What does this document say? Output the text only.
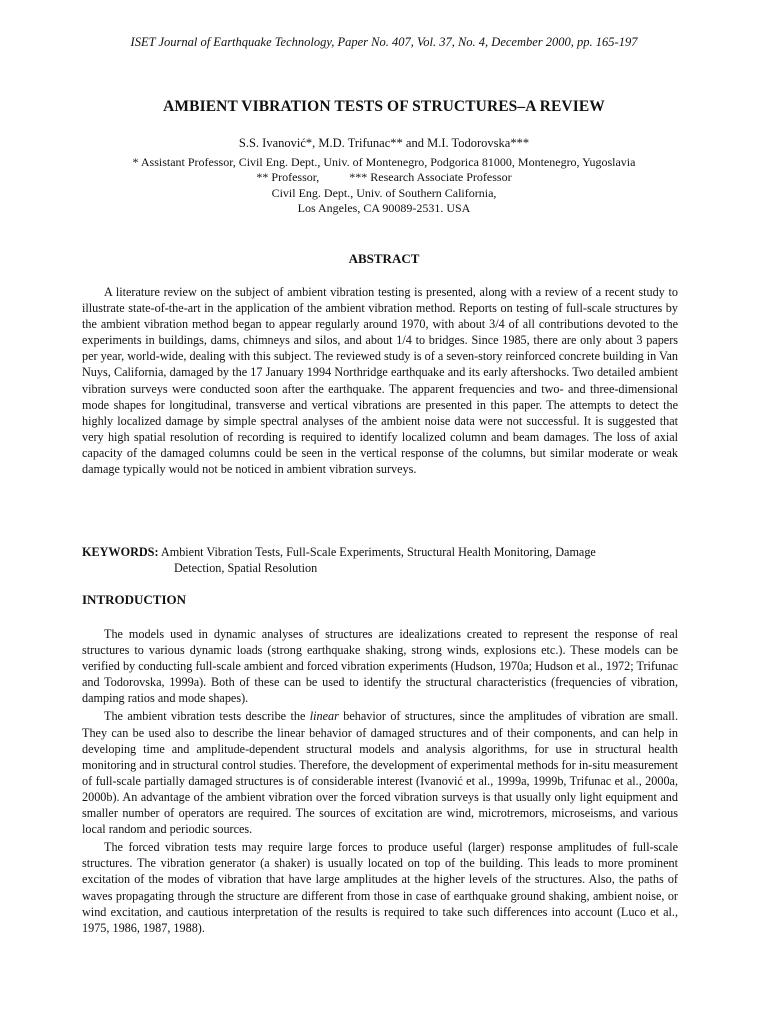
ISET Journal of Earthquake Technology, Paper No. 407, Vol. 37, No. 4, December 2000, pp. 165-197
AMBIENT VIBRATION TESTS OF STRUCTURES–A REVIEW
S.S. Ivanović*, M.D. Trifunac** and M.I. Todorovska***
* Assistant Professor, Civil Eng. Dept., Univ. of Montenegro, Podgorica 81000, Montenegro, Yugoslavia
** Professor,          *** Research Associate Professor
Civil Eng. Dept., Univ. of Southern California,
Los Angeles, CA 90089-2531. USA
ABSTRACT
A literature review on the subject of ambient vibration testing is presented, along with a review of a recent study to illustrate state-of-the-art in the application of the ambient vibration method. Reports on testing of full-scale structures by the ambient vibration method began to appear regularly around 1970, with about 3/4 of all contributions devoted to the experiments in buildings, dams, chimneys and silos, and about 1/4 to bridges. Since 1985, there are only about 3 papers per year, world-wide, dealing with this subject. The reviewed study is of a seven-story reinforced concrete building in Van Nuys, California, damaged by the 17 January 1994 Northridge earthquake and its early aftershocks. Two detailed ambient vibration surveys were conducted soon after the earthquake. The apparent frequencies and two- and three-dimensional mode shapes for longitudinal, transverse and vertical vibrations are presented in this paper. The attempts to detect the highly localized damage by simple spectral analyses of the ambient noise data were not successful. It is suggested that very high spatial resolution of recording is required to identify localized column and beam damages. The loss of axial capacity of the damaged columns could be seen in the vertical response of the columns, but similar moderate or weak damage typically would not be noticed in ambient vibration surveys.
KEYWORDS: Ambient Vibration Tests, Full-Scale Experiments, Structural Health Monitoring, Damage
Detection, Spatial Resolution
INTRODUCTION

The models used in dynamic analyses of structures are idealizations created to represent the response of real structures to various dynamic loads (strong earthquake shaking, strong winds, explosions etc.). These models can be verified by conducting full-scale ambient and forced vibration experiments (Hudson, 1970a; Hudson et al., 1972; Trifunac and Todorovska, 1999a). Both of these can be used to identify the structural characteristics (frequencies of vibration, damping ratios and mode shapes).

The ambient vibration tests describe the linear behavior of structures, since the amplitudes of vibration are small. They can be used also to describe the linear behavior of damaged structures and of their components, and can help in developing time and amplitude-dependent structural models and analysis algorithms, for use in structural health monitoring and in structural control studies. Therefore, the development of experimental methods for in-situ measurement of full-scale partially damaged structures is of considerable interest (Ivanović et al., 1999a, 1999b, Trifunac et al., 2000a, 2000b). An advantage of the ambient vibration over the forced vibration surveys is that usually only light equipment and smaller number of operators are required. The sources of excitation are wind, microtremors, microseisms, and various local random and periodic sources.

The forced vibration tests may require large forces to produce useful (larger) response amplitudes of full-scale structures. The vibration generator (a shaker) is usually located on top of the building. This leads to more prominent excitation of the modes of vibration that have large amplitudes at the higher levels of the structures. Also, the paths of waves propagating through the structure are different from those in case of earthquake ground shaking, ambient noise, or wind excitation, and cautious interpretation of the results is required to take such differences into account (Luco et al., 1975, 1986, 1987, 1988).
